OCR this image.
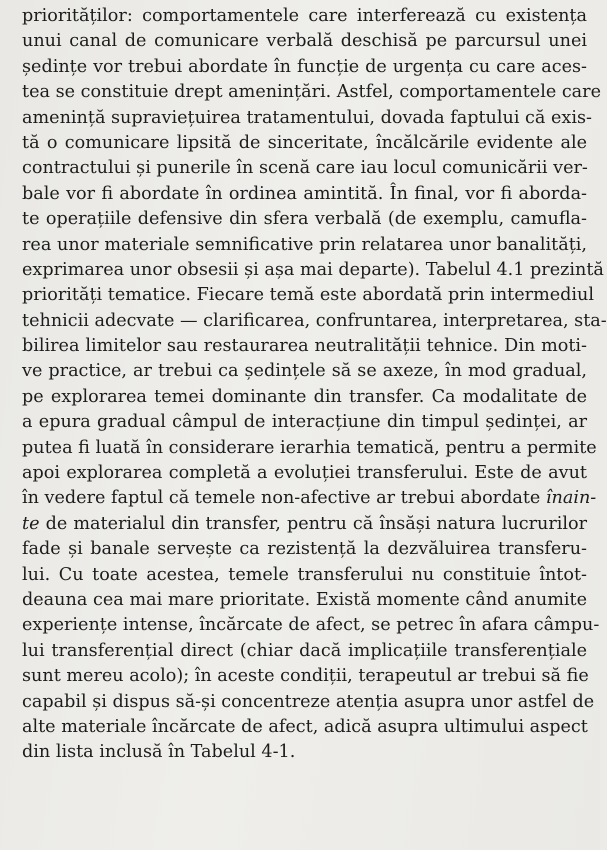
priorităților: comportamentele care interferează cu existența
unui canal de comunicare verbală deschisă pe parcursul unei
ședințe vor trebui abordate în funcție de urgența cu care aces-
tea se constituie drept amenințări. Astfel, comportamentele care
amenință supraviețuirea tratamentului, dovada faptului că exis-
tă o comunicare lipsită de sinceritate, încălcările evidente ale
contractului și punerile în scenă care iau locul comunicării ver-
bale vor fi abordate în ordinea amintită. În final, vor fi aborda-
te operațiile defensive din sfera verbală (de exemplu, camufla-
rea unor materiale semnificative prin relatarea unor banalități,
exprimarea unor obsesii și așa mai departe). Tabelul 4.1 prezintă
priorități tematice. Fiecare temă este abordată prin intermediul
tehnicii adecvate — clarificarea, confruntarea, interpretarea, sta-
bilirea limitelor sau restaurarea neutralității tehnice. Din moti-
ve practice, ar trebui ca ședințele să se axeze, în mod gradual,
pe explorarea temei dominante din transfer. Ca modalitate de
a epura gradual câmpul de interacțiune din timpul ședinței, ar
putea fi luată în considerare ierarhia tematică, pentru a permite
apoi explorarea completă a evoluției transferului. Este de avut
în vedere faptul că temele non-afective ar trebui abordate înain-
te de materialul din transfer, pentru că însăși natura lucrurilor
fade și banale servește ca rezistență la dezvăluirea transferu-
lui. Cu toate acestea, temele transferului nu constituie întot-
deauna cea mai mare prioritate. Există momente când anumite
experiențe intense, încărcate de afect, se petrec în afara câmpu-
lui transferențial direct (chiar dacă implicațiile transferențiale
sunt mereu acolo); în aceste condiții, terapeutul ar trebui să fie
capabil și dispus să-și concentreze atenția asupra unor astfel de
alte materiale încărcate de afect, adică asupra ultimului aspect
din lista inclusă în Tabelul 4-1.
